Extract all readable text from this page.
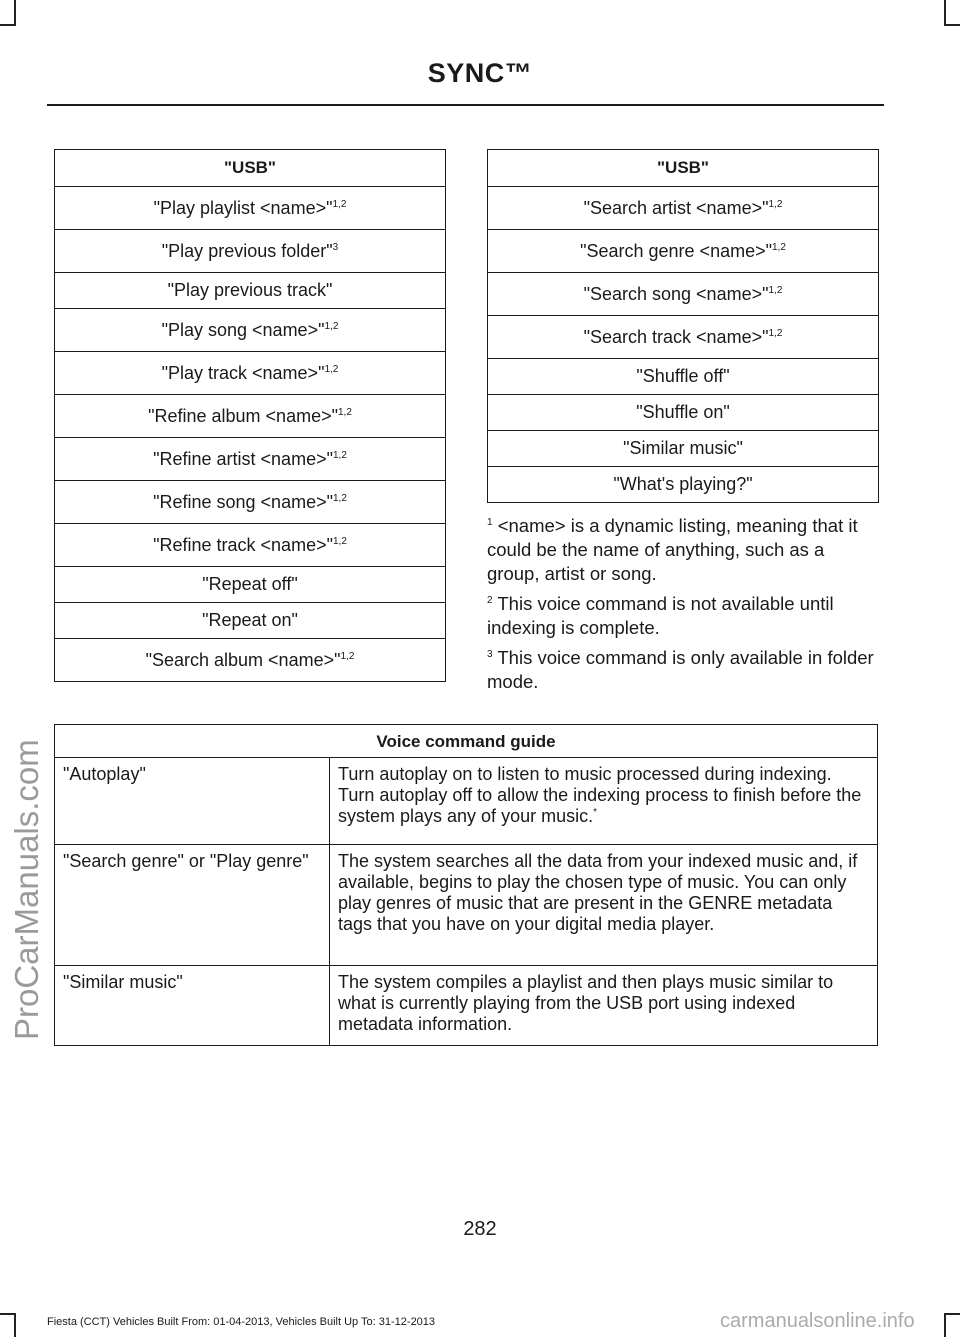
SYNC™
ProCarManuals.com
"USB"
"Play playlist <name>"$^{1,2}$
"Play previous folder"$^3$
"Play previous track"
"Play song <name>"$^{1,2}$
"Play track <name>"$^{1,2}$
"Refine album <name>"$^{1,2}$
"Refine artist <name>"$^{1,2}$
"Refine song <name>"$^{1,2}$
"Refine track <name>"$^{1,2}$
"Repeat off"
"Repeat on"
"Search album <name>"$^{1,2}$
"USB"
"Search artist <name>"$^{1,2}$
"Search genre <name>"$^{1,2}$
"Search song <name>"$^{1,2}$
"Search track <name>"$^{1,2}$
"Shuffle off"
"Shuffle on"
"Similar music"
"What's playing?"

$^1$ <name> is a dynamic listing, meaning that it could be the name of anything, such as a group, artist or song.

$^2$ This voice command is not available until indexing is complete.

$^3$ This voice command is only available in folder mode.

Voice command guide	
"Autoplay"	Turn autoplay on to listen to music processed during indexing. Turn autoplay off to allow the indexing process to finish before the system plays any of your music.*
"Search genre" or "Play genre"	The system searches all the data from your indexed music and, if available, begins to play the chosen type of music. You can only play genres of music that are present in the GENRE metadata tags that you have on your digital media player.
"Similar music"	The system compiles a playlist and then plays music similar to what is currently playing from the USB port using indexed metadata information.
282
Fiesta (CCT) Vehicles Built From: 01-04-2013, Vehicles Built Up To: 31-12-2013	carmanualsonline.info
